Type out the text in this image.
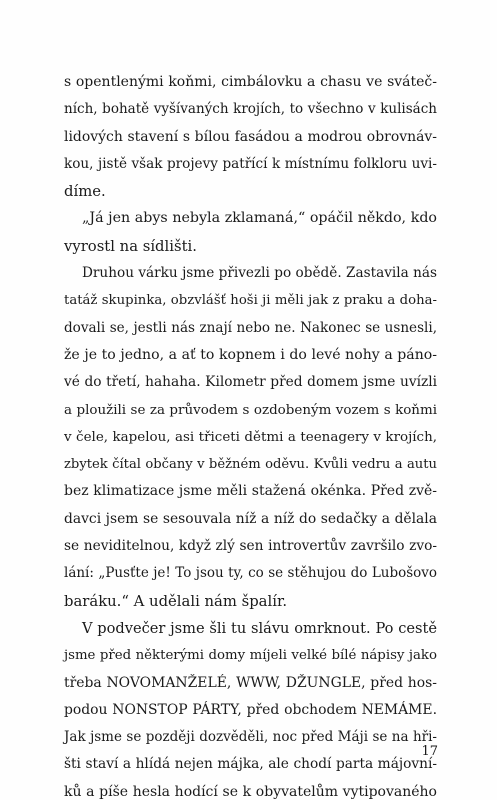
s opentlenými koňmi, cimbálovku a chasu ve sváteč-
ních, bohatě vyšívaných krojích, to všechno v kulisách
lidových stavení s bílou fasádou a modrou obrovnáv-
kou, jistě však projevy patřící k místnímu folkloru uvi-
díme.
„Já jen abys nebyla zklamaná,“ opáčil někdo, kdo
vyrostl na sídlišti.
Druhou várku jsme přivezli po obědě. Zastavila nás
tatáž skupinka, obzvlášť hoši ji měli jak z praku a doha-
dovali se, jestli nás znají nebo ne. Nakonec se usnesli,
že je to jedno, a ať to kopnem i do levé nohy a páno-
vé do třetí, hahaha. Kilometr před domem jsme uvízli
a ploužili se za průvodem s ozdobeným vozem s koňmi
v čele, kapelou, asi třiceti dětmi a teenagery v krojích,
zbytek čítal občany v běžném oděvu. Kvůli vedru a autu
bez klimatizace jsme měli stažená okénka. Před zvě-
davci jsem se sesouvala níž a níž do sedačky a dělala
se neviditelnou, když zlý sen introvertův završilo zvo-
lání: „Pusťte je! To jsou ty, co se stěhujou do Lubošovo
baráku.“ A udělali nám špalír.
V podvečer jsme šli tu slávu omrknout. Po cestě
jsme před některými domy míjeli velké bílé nápisy jako
třeba NOVOMANŽELÉ, WWW, DŽUNGLE, před hos-
podou NONSTOP PÁRTY, před obchodem NEMÁME.
Jak jsme se později dozvěděli, noc před Máji se na hři-
šti staví a hlídá nejen májka, ale chodí parta májovní-
ků a píše hesla hodící se k obyvatelům vytipovaného
17
